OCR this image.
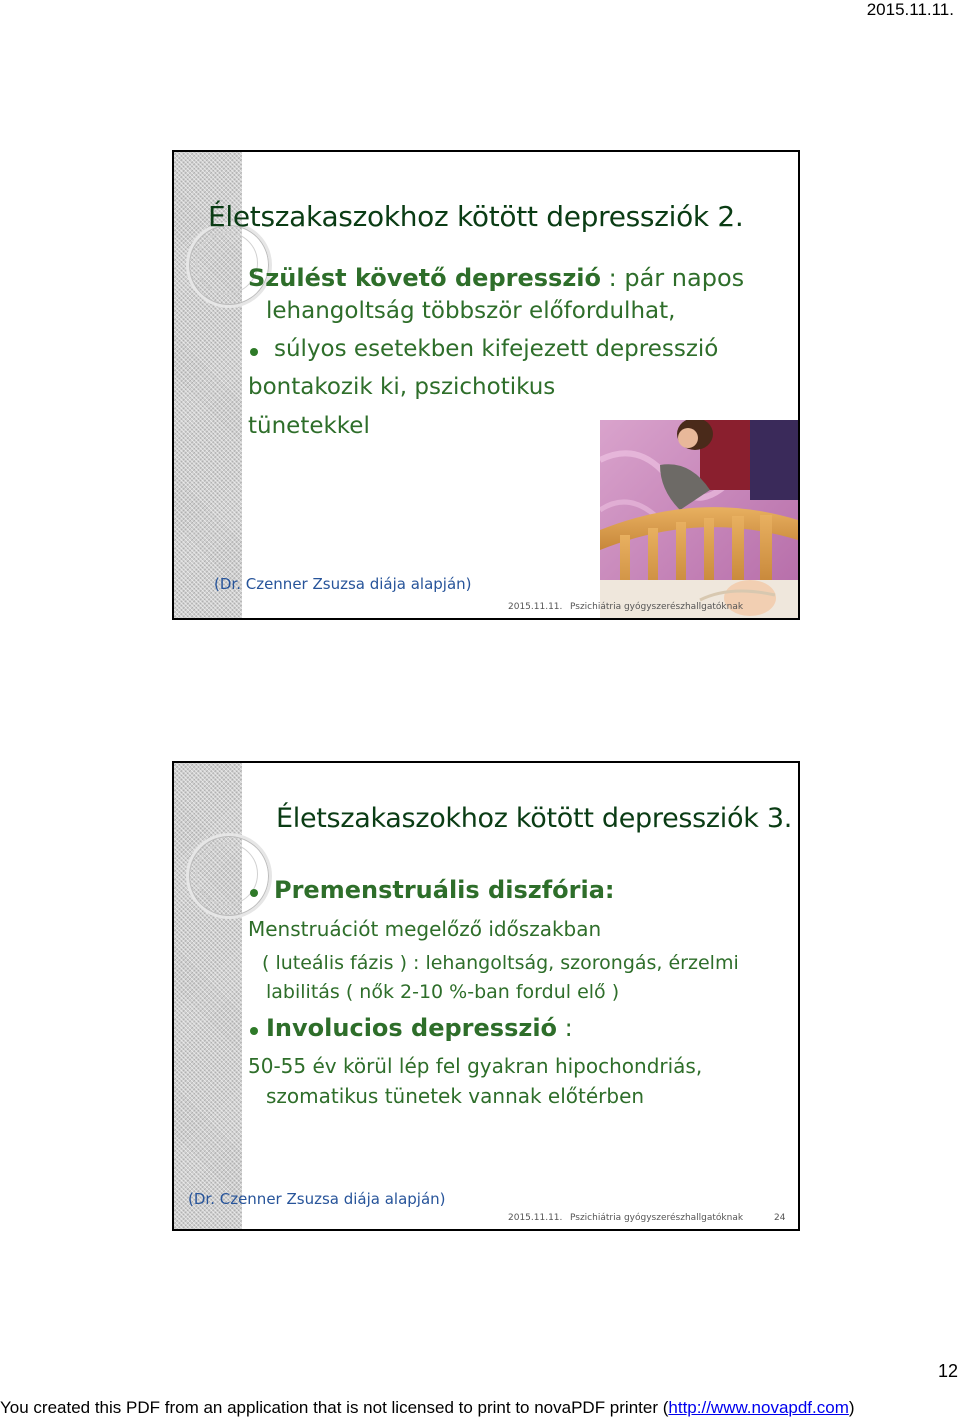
2015.11.11.
Életszakaszokhoz kötött depressziók 2.
Szülést követő depresszió : pár napos
lehangoltság többször előfordulhat,
súlyos esetekben kifejezett depresszió
bontakozik ki, pszichotikus
tünetekkel
(Dr. Czenner Zsuzsa diája alapján)
2015.11.11. Pszichiátria gyógyszerészhallgatóknak
Életszakaszokhoz kötött depressziók 3.
Premenstruális diszfória:
Menstruációt megelőző időszakban
( luteális fázis ) : lehangoltság, szorongás, érzelmi
labilitás ( nők 2-10 %-ban fordul elő )
Involucios depresszió :
50-55 év körül lép fel gyakran hipochondriás,
szomatikus tünetek vannak előtérben
(Dr. Czenner Zsuzsa diája alapján)
2015.11.11. Pszichiátria gyógyszerészhallgatóknak	24
12
You created this PDF from an application that is not licensed to print to novaPDF printer (http://www.novapdf.com)
